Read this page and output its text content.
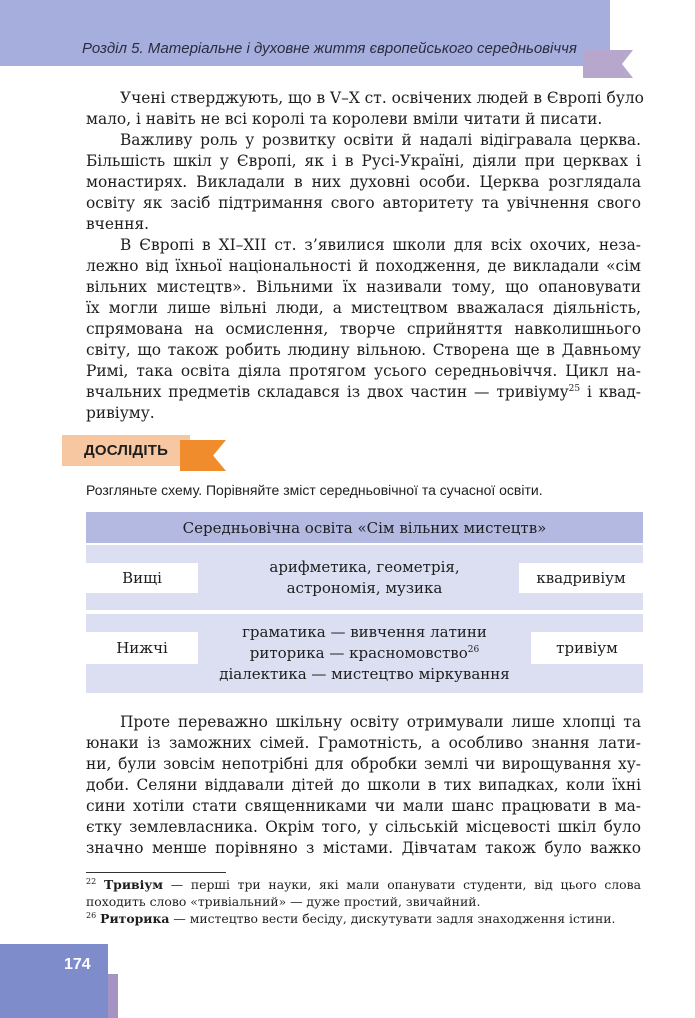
Розділ 5. Матеріальне і духовне життя європейського середньовіччя
Учені стверджують, що в V–X ст. освічених людей в Європі було
мало, і навіть не всі королі та королеви вміли читати й писати.
Важливу роль у розвитку освіти й надалі відігравала церква.
Більшість шкіл у Європі, як і в Русі-Україні, діяли при церквах і
монастирях. Викладали в них духовні особи. Церква розглядала
освіту як засіб підтримання свого авторитету та увічнення свого
вчення.
В Європі в XI–XII ст. з’явилися школи для всіх охочих, неза-
лежно від їхньої національності й походження, де викладали «сім
вільних мистецтв». Вільними їх називали тому, що опановувати
їх могли лише вільні люди, а мистецтвом вважалася діяльність,
спрямована на осмислення, творче сприйняття навколишнього
світу, що також робить людину вільною. Створена ще в Давньому
Римі, така освіта діяла протягом усього середньовіччя. Цикл на-
вчальних предметів складався із двох частин — тривіуму$^{25}$ і квад-
ривіуму.
ДОСЛІДІТЬ
Розгляньте схему. Порівняйте зміст середньовічної та сучасної освіти.
Середньовічна освіта «Сім вільних мистецтв»
Вищі
арифметика, геометрія,
астрономія, музика
квадривіум
Нижчі
граматика — вивчення латини
риторика — красномовство$^{26}$
діалектика — мистецтво міркування
тривіум
Проте переважно шкільну освіту отримували лише хлопці та
юнаки із заможних сімей. Грамотність, а особливо знання лати-
ни, були зовсім непотрібні для обробки землі чи вирощування ху-
доби. Селяни віддавали дітей до школи в тих випадках, коли їхні
сини хотіли стати священниками чи мали шанс працювати в ма-
єтку землевласника. Окрім того, у сільській місцевості шкіл було
значно менше порівняно з містами. Дівчатам також було важко
$^{22}$ Тривіум — перші три науки, які мали опанувати студенти, від цього слова
походить слово «тривіальний» — дуже простий, звичайний.
$^{26}$ Риторика — мистецтво вести бесіду, дискутувати задля знаходження істини.
174
